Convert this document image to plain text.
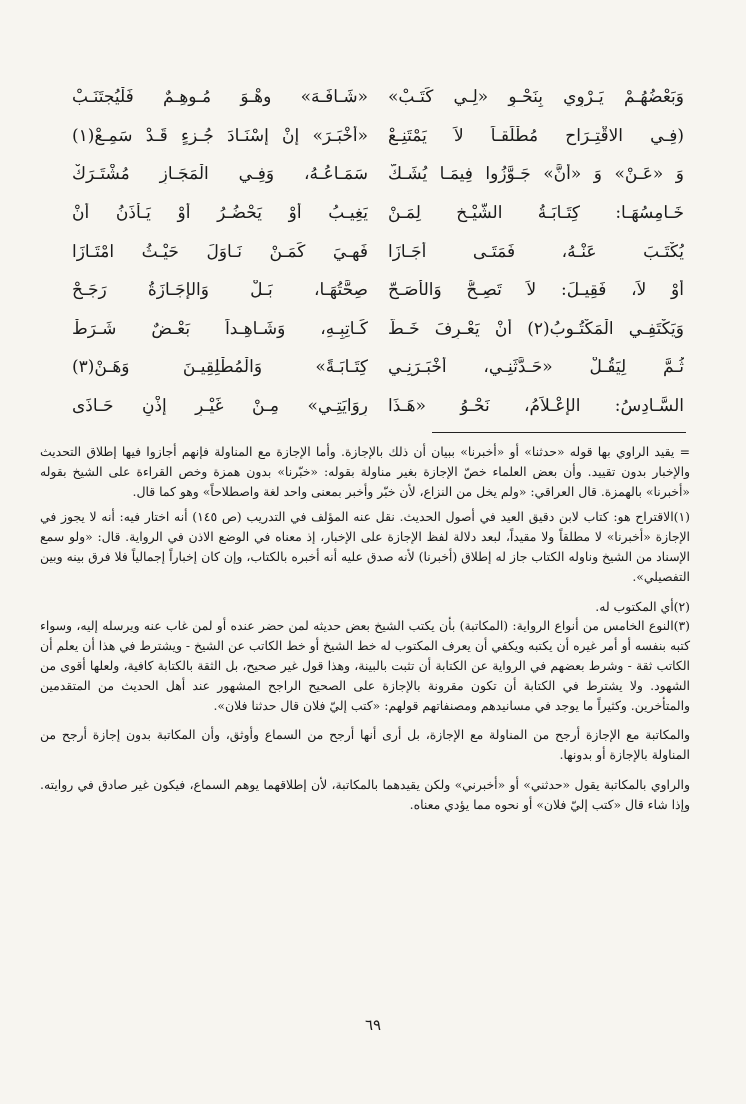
وَبَعْضُهُـمْ يَـرْوِي بِنَحْـوِ «لِـي كَتَـبْ»
«شَـافَـهَ» وهْـوَ مُـوهِـمٌ فَلْيُجتَنَـبْ
(فِـي الاقْتِـرَاحِ مُطْلَقـاً لاَ يَمْتَنِـعْ
«أَخْبَـرَ» إِنْ إِسْنَـادَ جُـزءٍ قَـدْ سَمِـعْ(١)
وَ «عَـنْ» وَ «أَنَّ» جَـوَّزُوا فِيمَـا يُشَـكّ
سَمَـاعُـهُ، وَفِـي الْمَجَـازِ مُشْتَـرَكْ
خَـامِسُهَـا: كِتَـابَـةُ الشَّيْـخِ لِمَـنْ
يَغِيـبُ أَوْ يَحْضُـرُ أَوْ يَـأْذَنُ أَنْ
يُكْتَـبَ عَنْـهُ، فَمَتَـى أَجَـازَا
فَهِـيَ كَمَـنْ نَـاوَلَ حَيْـثُ امْتَـازَا
أَوْ لاَ، فَقِيـلَ: لاَ تَصِـحُّ وَالأَصَـحّ
صِحَّتُهَـا، بَـلْ وَالإِجَـازَةُ رَجَـحْ
وَيَكْتَفِـي الْمَكْتُـوبُ(٢) أَنْ يَعْـرِفَ خَـطّ
كَـاتِبِـهِ، وَشَـاهِـداً بَعْـضٌ شَـرَطْ
ثُـمَّ لِيَقُـلْ «حَـدَّثَنِـي، أَخْبَـرَنِـي
كِتَـابَـةً» وَالْمُطْلِقِيـنَ وَهَـنْ(٣)
السَّـادِسُ: الإِعْـلاَمُ، نَحْـوُ «هَـذَا
رِوَايَتِـي» مِـنْ غَيْـرِ إِذْنٍ حَـاذَى

= يقيد الراوي بها قوله «حدثنا» أو «أخبرنا» ببيان أن ذلك بالإجازة. وأما الإجازة مع المناولة فإنهم أجازوا فيها إطلاق التحديث والإخبار بدون تقييد. وأن بعض العلماء خصّ الإجازة بغير مناولة بقوله: «خبّرنا» بدون همزة وخص القراءة على الشيخ بقوله «أخبرنا» بالهمزة. قال العراقي: «ولم يخل من النزاع، لأن خبّر وأخبر بمعنى واحد لغة واصطلاحاً» وهو كما قال.

(١)الاقتراح هو: كتاب لابن دقيق العيد في أصول الحديث. نقل عنه المؤلف في التدريب (ص ١٤٥) أنه اختار فيه: أنه لا يجوز في الإجازة «أخبرنا» لا مطلقاً ولا مقيداً، لبعد دلالة لفظ الإجازة على الإخبار، إذ معناه في الوضع الاذن في الرواية. قال: «ولو سمع الإسناد من الشيخ وناوله الكتاب جاز له إطلاق (أخبرنا) لأنه صدق عليه أنه أخبره بالكتاب، وإن كان إخباراً إجمالياً فلا فرق بينه وبين التفصيلي».

(٢)أي المكتوب له.

(٣)النوع الخامس من أنواع الرواية: (المكاتبة) بأن يكتب الشيخ بعض حديثه لمن حضر عنده أو لمن غاب عنه ويرسله إليه، وسواء كتبه بنفسه أو أمر غيره أن يكتبه ويكفي أن يعرف المكتوب له خط الشيخ أو خط الكاتب عن الشيخ - ويشترط في هذا أن يعلم أن الكاتب ثقة - وشرط بعضهم في الرواية عن الكتابة أن تثبت بالبينة، وهذا قول غير صحيح، بل الثقة بالكتابة كافية، ولعلها أقوى من الشهود. ولا يشترط في الكتابة أن تكون مقرونة بالإجازة على الصحيح الراجح المشهور عند أهل الحديث من المتقدمين والمتأخرين. وكثيراً ما يوجد في مسانيدهم ومصنفاتهم قولهم: «كتب إليّ فلان قال حدثنا فلان».

والمكاتبة مع الإجازة أرجح من المناولة مع الإجازة، بل أرى أنها أرجح من السماع وأوثق، وأن المكاتبة بدون إجازة أرجح من المناولة بالإجازة أو بدونها.

والراوي بالمكاتبة يقول «حدثني» أو «أخبرني» ولكن يقيدهما بالمكاتبة، لأن إطلاقهما يوهم السماع، فيكون غير صادق في روايته. وإذا شاء قال «كتب إليّ فلان» أو نحوه مما يؤدي معناه.

٦٩
